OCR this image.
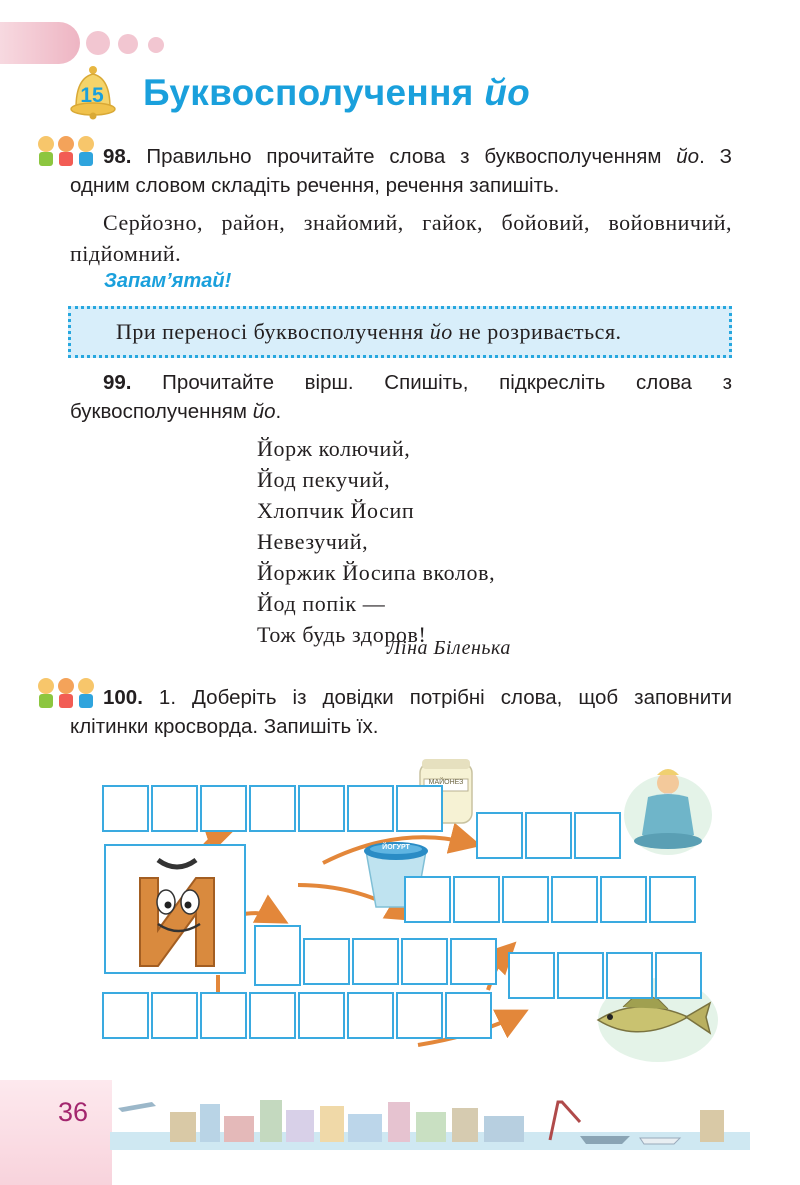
15 Буквосполучення йо
98. Правильно прочитайте слова з буквосполученням йо. З одним словом складіть речення, речення запишіть.
Серйозно, район, знайомий, гайок, бойовий, войовничий, підйомний.
Запам’ятай!
При переносі буквосполучення йо не розривається.
99. Прочитайте вірш. Спишіть, підкресліть слова з буквосполученням йо.
Йорж колючий,
Йод пекучий,
Хлопчик Йосип
Невезучий,
Йоржик Йосипа вколов,
Йод попік —
Тож будь здоров!
Ліна Біленька
100. 1. Доберіть із довідки потрібні слова, щоб заповнити клітинки кросворда. Запишіть їх.
МАЙОНЕЗ
ЙОГУРТ
36
